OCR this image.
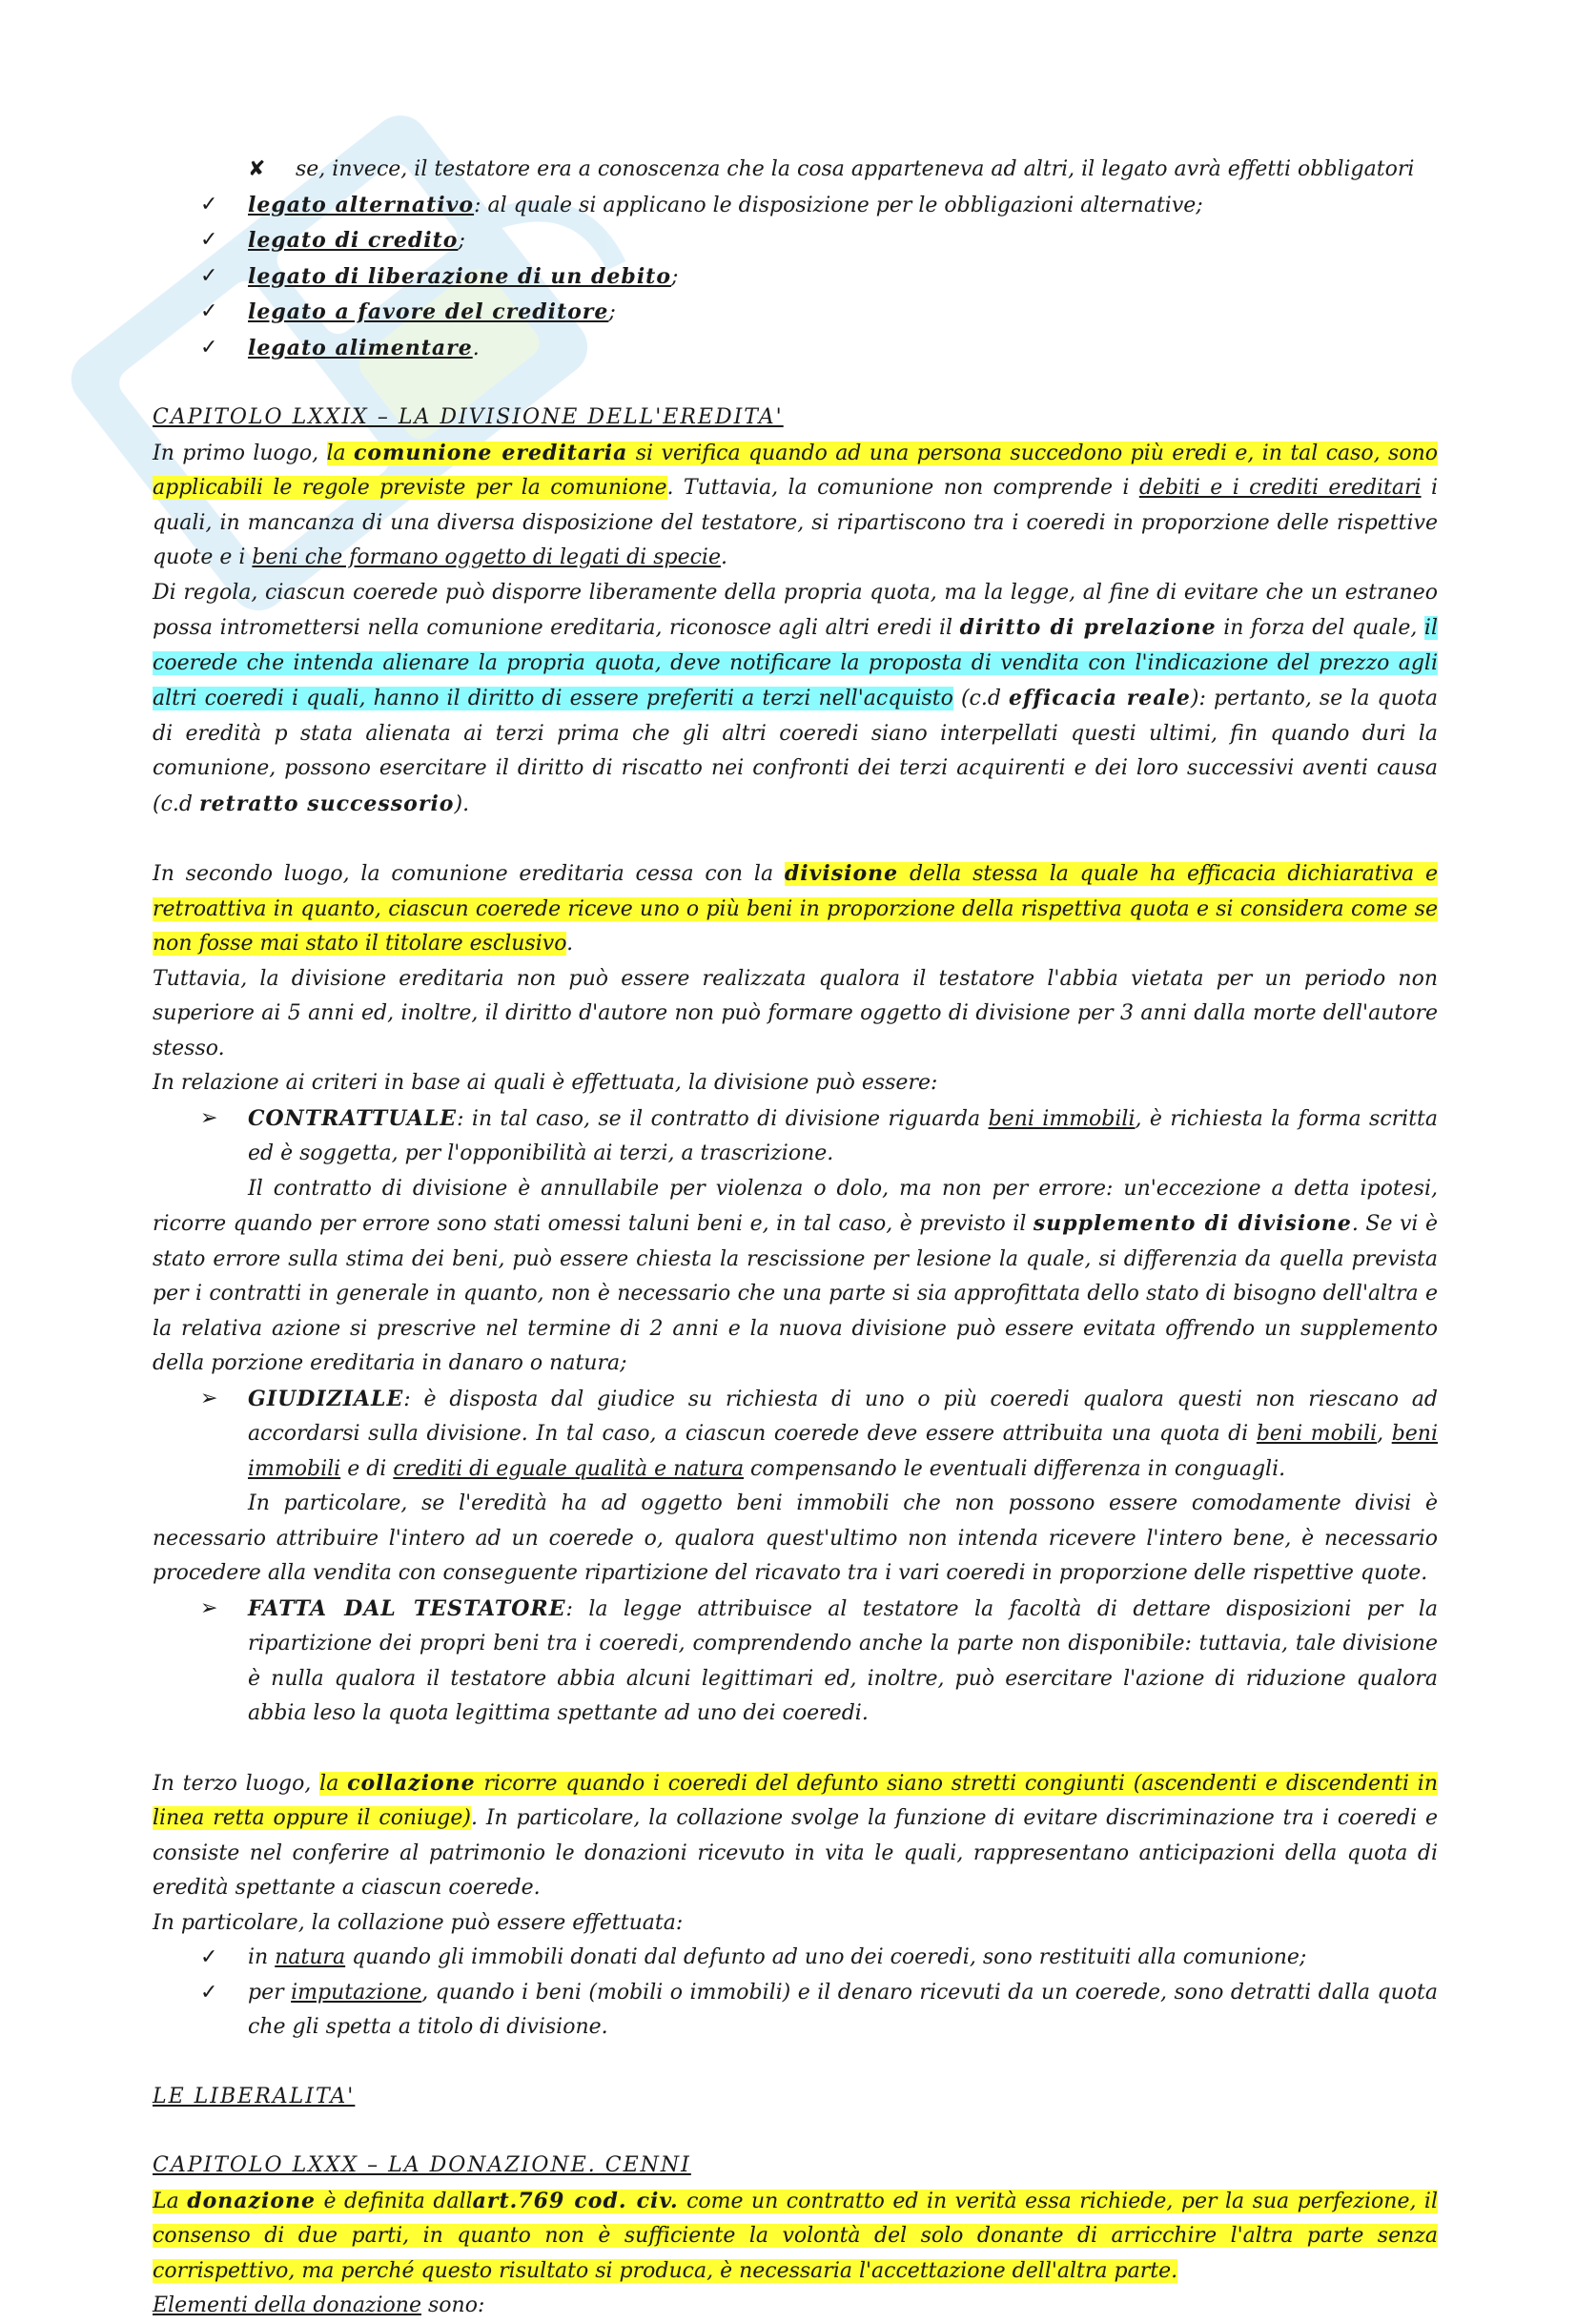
✘ se, invece, il testatore era a conoscenza che la cosa apparteneva ad altri, il legato avrà effetti obbligatori
✓ legato alternativo: al quale si applicano le disposizione per le obbligazioni alternative;
✓ legato di credito;
✓ legato di liberazione di un debito;
✓ legato a favore del creditore;
✓ legato alimentare.

CAPITOLO LXXIX – LA DIVISIONE DELL'EREDITA'

In primo luogo, la comunione ereditaria si verifica quando ad una persona succedono più eredi e, in tal caso, sono applicabili le regole previste per la comunione. Tuttavia, la comunione non comprende i debiti e i crediti ereditari i quali, in mancanza di una diversa disposizione del testatore, si ripartiscono tra i coeredi in proporzione delle rispettive quote e i beni che formano oggetto di legati di specie.

Di regola, ciascun coerede può disporre liberamente della propria quota, ma la legge, al fine di evitare che un estraneo possa intromettersi nella comunione ereditaria, riconosce agli altri eredi il diritto di prelazione in forza del quale, il coerede che intenda alienare la propria quota, deve notificare la proposta di vendita con l'indicazione del prezzo agli altri coeredi i quali, hanno il diritto di essere preferiti a terzi nell'acquisto (c.d efficacia reale): pertanto, se la quota di eredità p stata alienata ai terzi prima che gli altri coeredi siano interpellati questi ultimi, fin quando duri la comunione, possono esercitare il diritto di riscatto nei confronti dei terzi acquirenti e dei loro successivi aventi causa (c.d retratto successorio).

In secondo luogo, la comunione ereditaria cessa con la divisione della stessa la quale ha efficacia dichiarativa e retroattiva in quanto, ciascun coerede riceve uno o più beni in proporzione della rispettiva quota e si considera come se non fosse mai stato il titolare esclusivo.

Tuttavia, la divisione ereditaria non può essere realizzata qualora il testatore l'abbia vietata per un periodo non superiore ai 5 anni ed, inoltre, il diritto d'autore non può formare oggetto di divisione per 3 anni dalla morte dell'autore stesso.

In relazione ai criteri in base ai quali è effettuata, la divisione può essere:

➢ CONTRATTUALE: in tal caso, se il contratto di divisione riguarda beni immobili, è richiesta la forma scritta ed è soggetta, per l'opponibilità ai terzi, a trascrizione.

Il contratto di divisione è annullabile per violenza o dolo, ma non per errore: un'eccezione a detta ipotesi, ricorre quando per errore sono stati omessi taluni beni e, in tal caso, è previsto il supplemento di divisione. Se vi è stato errore sulla stima dei beni, può essere chiesta la rescissione per lesione la quale, si differenzia da quella prevista per i contratti in generale in quanto, non è necessario che una parte si sia approfittata dello stato di bisogno dell'altra e la relativa azione si prescrive nel termine di 2 anni e la nuova divisione può essere evitata offrendo un supplemento della porzione ereditaria in danaro o natura;

➢ GIUDIZIALE: è disposta dal giudice su richiesta di uno o più coeredi qualora questi non riescano ad accordarsi sulla divisione. In tal caso, a ciascun coerede deve essere attribuita una quota di beni mobili, beni immobili e di crediti di eguale qualità e natura compensando le eventuali differenza in conguagli.

In particolare, se l'eredità ha ad oggetto beni immobili che non possono essere comodamente divisi è necessario attribuire l'intero ad un coerede o, qualora quest'ultimo non intenda ricevere l'intero bene, è necessario procedere alla vendita con conseguente ripartizione del ricavato tra i vari coeredi in proporzione delle rispettive quote.

➢ FATTA DAL TESTATORE: la legge attribuisce al testatore la facoltà di dettare disposizioni per la ripartizione dei propri beni tra i coeredi, comprendendo anche la parte non disponibile: tuttavia, tale divisione è nulla qualora il testatore abbia alcuni legittimari ed, inoltre, può esercitare l'azione di riduzione qualora abbia leso la quota legittima spettante ad uno dei coeredi.

In terzo luogo, la collazione ricorre quando i coeredi del defunto siano stretti congiunti (ascendenti e discendenti in linea retta oppure il coniuge). In particolare, la collazione svolge la funzione di evitare discriminazione tra i coeredi e consiste nel conferire al patrimonio le donazioni ricevuto in vita le quali, rappresentano anticipazioni della quota di eredità spettante a ciascun coerede.

In particolare, la collazione può essere effettuata:

✓ in natura quando gli immobili donati dal defunto ad uno dei coeredi, sono restituiti alla comunione;
✓ per imputazione, quando i beni (mobili o immobili) e il denaro ricevuti da un coerede, sono detratti dalla quota che gli spetta a titolo di divisione.

LE LIBERALITA'

CAPITOLO LXXX – LA DONAZIONE. CENNI

La donazione è definita dallart.769 cod. civ. come un contratto ed in verità essa richiede, per la sua perfezione, il consenso di due parti, in quanto non è sufficiente la volontà del solo donante di arricchire l'altra parte senza corrispettivo, ma perché questo risultato si produca, è necessaria l'accettazione dell'altra parte.

Elementi della donazione sono:
